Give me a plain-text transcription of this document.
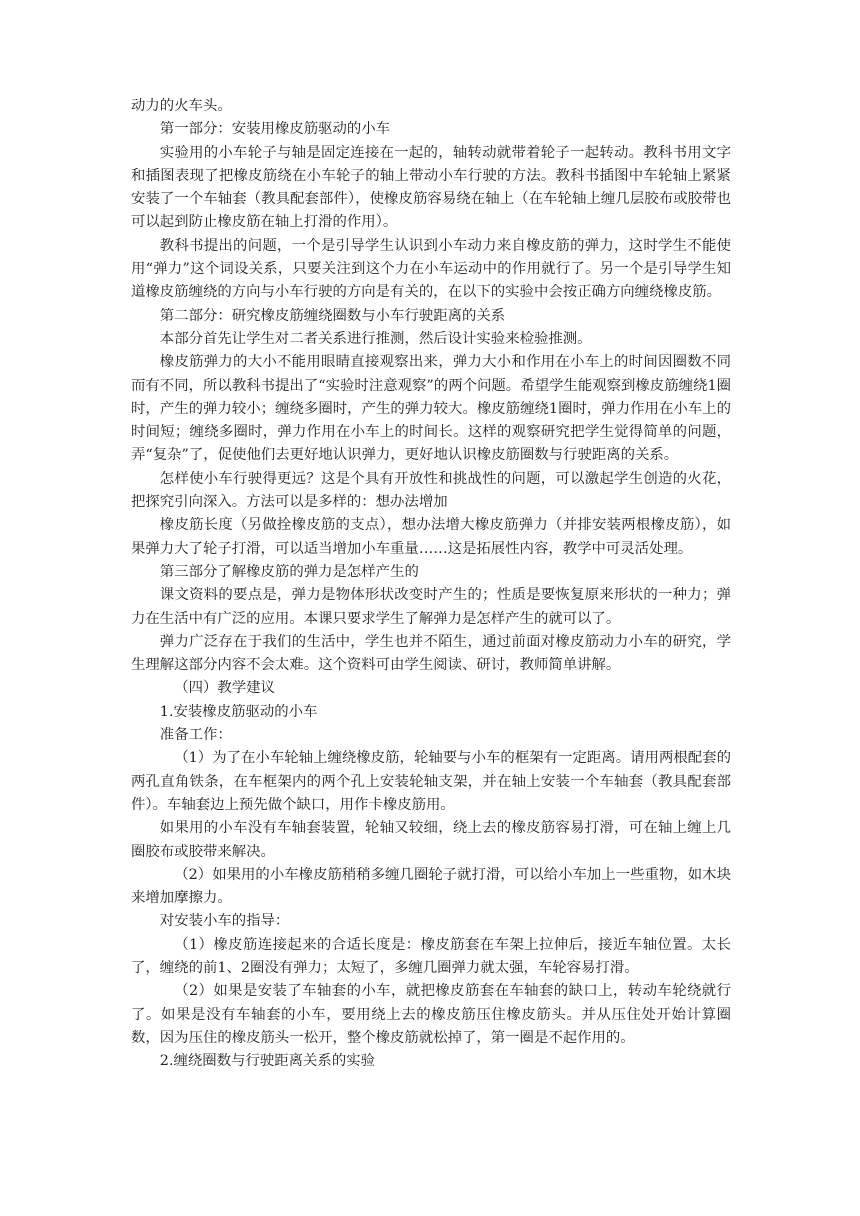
动力的火车头。

第一部分：安装用橡皮筋驱动的小车

实验用的小车轮子与轴是固定连接在一起的，轴转动就带着轮子一起转动。教科书用文字和插图表现了把橡皮筋绕在小车轮子的轴上带动小车行驶的方法。教科书插图中车轮轴上紧紧安装了一个车轴套（教具配套部件），使橡皮筋容易绕在轴上（在车轮轴上缠几层胶布或胶带也可以起到防止橡皮筋在轴上打滑的作用）。

教科书提出的问题，一个是引导学生认识到小车动力来自橡皮筋的弹力，这时学生不能使用“弹力”这个词设关系，只要关注到这个力在小车运动中的作用就行了。另一个是引导学生知道橡皮筋缠绕的方向与小车行驶的方向是有关的，在以下的实验中会按正确方向缠绕橡皮筋。

第二部分：研究橡皮筋缠绕圈数与小车行驶距离的关系

本部分首先让学生对二者关系进行推测，然后设计实验来检验推测。

橡皮筋弹力的大小不能用眼睛直接观察出来，弹力大小和作用在小车上的时间因圈数不同而有不同，所以教科书提出了“实验时注意观察”的两个问题。希望学生能观察到橡皮筋缠绕1圈时，产生的弹力较小；缠绕多圈时，产生的弹力较大。橡皮筋缠绕1圈时，弹力作用在小车上的时间短；缠绕多圈时，弹力作用在小车上的时间长。这样的观察研究把学生觉得简单的问题，弄“复杂”了，促使他们去更好地认识弹力，更好地认识橡皮筋圈数与行驶距离的关系。

怎样使小车行驶得更远？这是个具有开放性和挑战性的问题，可以激起学生创造的火花，把探究引向深入。方法可以是多样的：想办法增加

橡皮筋长度（另做拴橡皮筋的支点），想办法增大橡皮筋弹力（并排安装两根橡皮筋），如果弹力大了轮子打滑，可以适当增加小车重量……这是拓展性内容，教学中可灵活处理。

第三部分了解橡皮筋的弹力是怎样产生的

课文资料的要点是，弹力是物体形状改变时产生的；性质是要恢复原来形状的一种力；弹力在生活中有广泛的应用。本课只要求学生了解弹力是怎样产生的就可以了。

弹力广泛存在于我们的生活中，学生也并不陌生，通过前面对橡皮筋动力小车的研究，学生理解这部分内容不会太难。这个资料可由学生阅读、研讨，教师简单讲解。

（四）教学建议

1.安装橡皮筋驱动的小车

准备工作：

（1）为了在小车轮轴上缠绕橡皮筋，轮轴要与小车的框架有一定距离。请用两根配套的两孔直角铁条，在车框架内的两个孔上安装轮轴支架，并在轴上安装一个车轴套（教具配套部件）。车轴套边上预先做个缺口，用作卡橡皮筋用。

如果用的小车没有车轴套装置，轮轴又较细，绕上去的橡皮筋容易打滑，可在轴上缠上几圈胶布或胶带来解决。

（2）如果用的小车橡皮筋稍稍多缠几圈轮子就打滑，可以给小车加上一些重物，如木块来增加摩擦力。

对安装小车的指导：

（1）橡皮筋连接起来的合适长度是：橡皮筋套在车架上拉伸后，接近车轴位置。太长了，缠绕的前1、2圈没有弹力；太短了，多缠几圈弹力就太强，车轮容易打滑。

（2）如果是安装了车轴套的小车，就把橡皮筋套在车轴套的缺口上，转动车轮绕就行了。如果是没有车轴套的小车，要用绕上去的橡皮筋压住橡皮筋头。并从压住处开始计算圈数，因为压住的橡皮筋头一松开，整个橡皮筋就松掉了，第一圈是不起作用的。

2.缠绕圈数与行驶距离关系的实验
